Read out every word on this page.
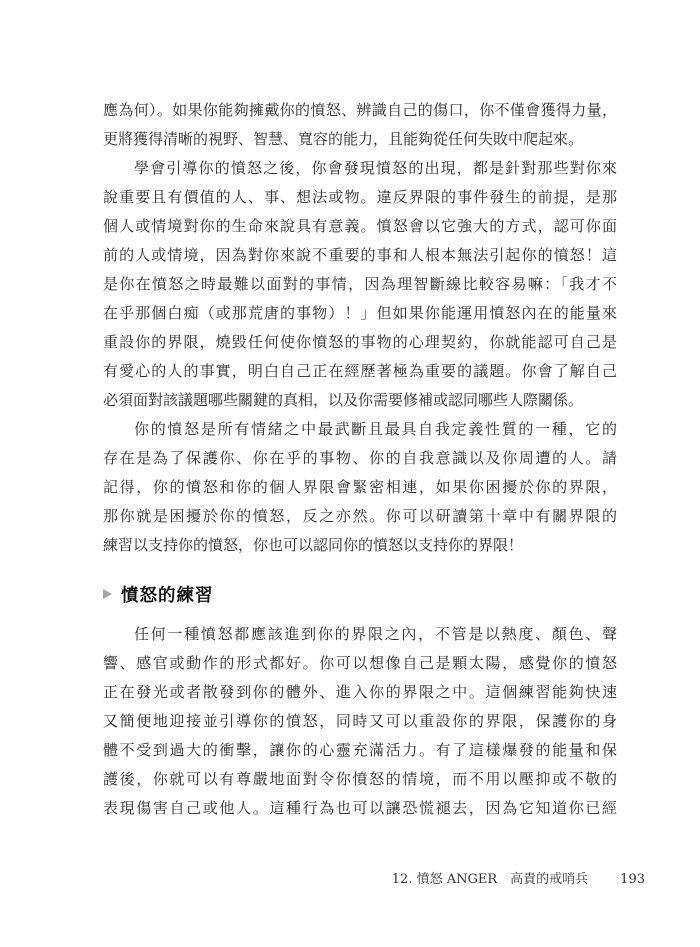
應為何）。如果你能夠擁戴你的憤怒、辨識自己的傷口，你不僅會獲得力量，
更將獲得清晰的視野、智慧、寬容的能力，且能夠從任何失敗中爬起來。
學會引導你的憤怒之後，你會發現憤怒的出現，都是針對那些對你來
說重要且有價值的人、事、想法或物。違反界限的事件發生的前提，是那
個人或情境對你的生命來說具有意義。憤怒會以它強大的方式，認可你面
前的人或情境，因為對你來說不重要的事和人根本無法引起你的憤怒！這
是你在憤怒之時最難以面對的事情，因為理智斷線比較容易嘛：「我才不
在乎那個白痴（或那荒唐的事物）！」但如果你能運用憤怒內在的能量來
重設你的界限，燒毀任何使你憤怒的事物的心理契約，你就能認可自己是
有愛心的人的事實，明白自己正在經歷著極為重要的議題。你會了解自己
必須面對該議題哪些關鍵的真相，以及你需要修補或認同哪些人際關係。
你的憤怒是所有情緒之中最武斷且最具自我定義性質的一種，它的
存在是為了保護你、你在乎的事物、你的自我意識以及你周遭的人。請
記得，你的憤怒和你的個人界限會緊密相連，如果你困擾於你的界限，
那你就是困擾於你的憤怒，反之亦然。你可以研讀第十章中有關界限的
練習以支持你的憤怒，你也可以認同你的憤怒以支持你的界限！
憤怒的練習
任何一種憤怒都應該進到你的界限之內，不管是以熱度、顏色、聲
響、感官或動作的形式都好。你可以想像自己是顆太陽，感覺你的憤怒
正在發光或者散發到你的體外、進入你的界限之中。這個練習能夠快速
又簡便地迎接並引導你的憤怒，同時又可以重設你的界限，保護你的身
體不受到過大的衝擊，讓你的心靈充滿活力。有了這樣爆發的能量和保
護後，你就可以有尊嚴地面對令你憤怒的情境，而不用以壓抑或不敬的
表現傷害自己或他人。這種行為也可以讓恐慌褪去，因為它知道你已經
12. 憤怒 ANGER 高貴的戒哨兵 193
